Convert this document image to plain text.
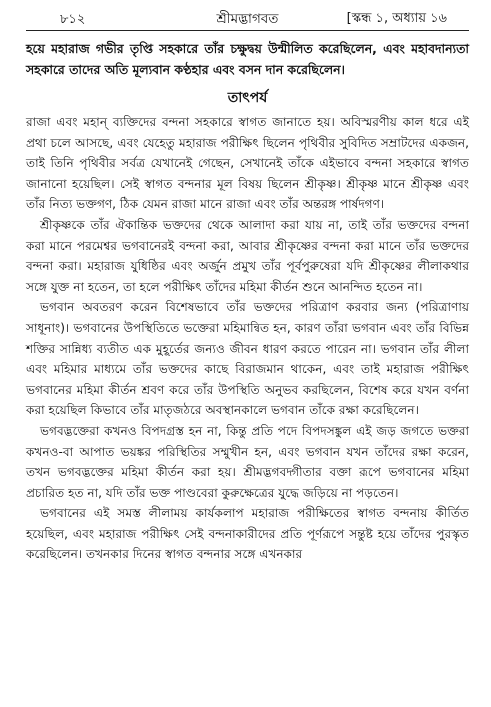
৮১২	শ্রীমদ্ভাগবত	[স্কন্ধ ১, অধ্যায় ১৬
হয়ে মহারাজ গভীর তৃপ্তি সহকারে তাঁর চক্ষুদ্বয় উন্মীলিত করেছিলেন, এবং মহাবদান্যতা সহকারে তাদের অতি মূল্যবান কণ্ঠহার এবং বসন দান করেছিলেন।
তাৎপর্য

রাজা এবং মহান্‌ ব্যক্তিদের বন্দনা সহকারে স্বাগত জানাতে হয়। অবিস্মরণীয় কাল ধরে এই প্রথা চলে আসছে, এবং যেহেতু মহারাজ পরীক্ষিৎ ছিলেন পৃথিবীর সুবিদিত সম্রাটদের একজন, তাই তিনি পৃথিবীর সর্বত্র যেখানেই গেছেন, সেখানেই তাঁকে এইভাবে বন্দনা সহকারে স্বাগত জানানো হয়েছিল। সেই স্বাগত বন্দনার মূল বিষয় ছিলেন শ্রীকৃষ্ণ। শ্রীকৃষ্ণ মানে শ্রীকৃষ্ণ এবং তাঁর নিত্য ভক্তগণ, ঠিক যেমন রাজা মানে রাজা এবং তাঁর অন্তরঙ্গ পার্ষদগণ।

শ্রীকৃষ্ণকে তাঁর ঐকান্তিক ভক্তদের থেকে আলাদা করা যায় না, তাই তাঁর ভক্তদের বন্দনা করা মানে পরমেশ্বর ভগবানেরই বন্দনা করা, আবার শ্রীকৃষ্ণের বন্দনা করা মানে তাঁর ভক্তদের বন্দনা করা। মহারাজ যুধিষ্ঠির এবং অর্জুন প্রমুখ তাঁর পূর্বপুরুষেরা যদি শ্রীকৃষ্ণের লীলাকথার সঙ্গে যুক্ত না হতেন, তা হলে পরীক্ষিৎ তাঁদের মহিমা কীর্তন শুনে আনন্দিত হতেন না।

ভগবান অবতরণ করেন বিশেষভাবে তাঁর ভক্তদের পরিত্রাণ করবার জন্য (পরিত্রাণায় সাধূনাং)। ভগবানের উপস্থিতিতে ভক্তেরা মহিমান্বিত হন, কারণ তাঁরা ভগবান এবং তাঁর বিভিন্ন শক্তির সান্নিধ্য ব্যতীত এক মুহূর্তের জন্যও জীবন ধারণ করতে পারেন না। ভগবান তাঁর লীলা এবং মহিমার মাধ্যমে তাঁর ভক্তদের কাছে বিরাজমান থাকেন, এবং তাই মহারাজ পরীক্ষিৎ ভগবানের মহিমা কীর্তন শ্রবণ করে তাঁর উপস্থিতি অনুভব করছিলেন, বিশেষ করে যখন বর্ণনা করা হয়েছিল কিভাবে তাঁর মাতৃজঠরে অবস্থানকালে ভগবান তাঁকে রক্ষা করেছিলেন।

ভগবদ্ভক্তেরা কখনও বিপদগ্রস্ত হন না, কিন্তু প্রতি পদে বিপদসঙ্কুল এই জড় জগতে ভক্তরা কখনও-বা আপাত ভয়ঙ্কর পরিস্থিতির সম্মুখীন হন, এবং ভগবান যখন তাঁদের রক্ষা করেন, তখন ভগবদ্ভক্তের মহিমা কীর্তন করা হয়। শ্রীমদ্ভগবদ্গীতার বক্তা রূপে ভগবানের মহিমা প্রচারিত হত না, যদি তাঁর ভক্ত পাণ্ডবেরা কুরুক্ষেত্রের যুদ্ধে জড়িয়ে না পড়তেন।

ভগবানের এই সমস্ত লীলাময় কার্যকলাপ মহারাজ পরীক্ষিতের স্বাগত বন্দনায় কীর্তিত হয়েছিল, এবং মহারাজ পরীক্ষিৎ সেই বন্দনাকারীদের প্রতি পূর্ণরূপে সন্তুষ্ট হয়ে তাঁদের পুরস্কৃত করেছিলেন। তখনকার দিনের স্বাগত বন্দনার সঙ্গে এখনকার
